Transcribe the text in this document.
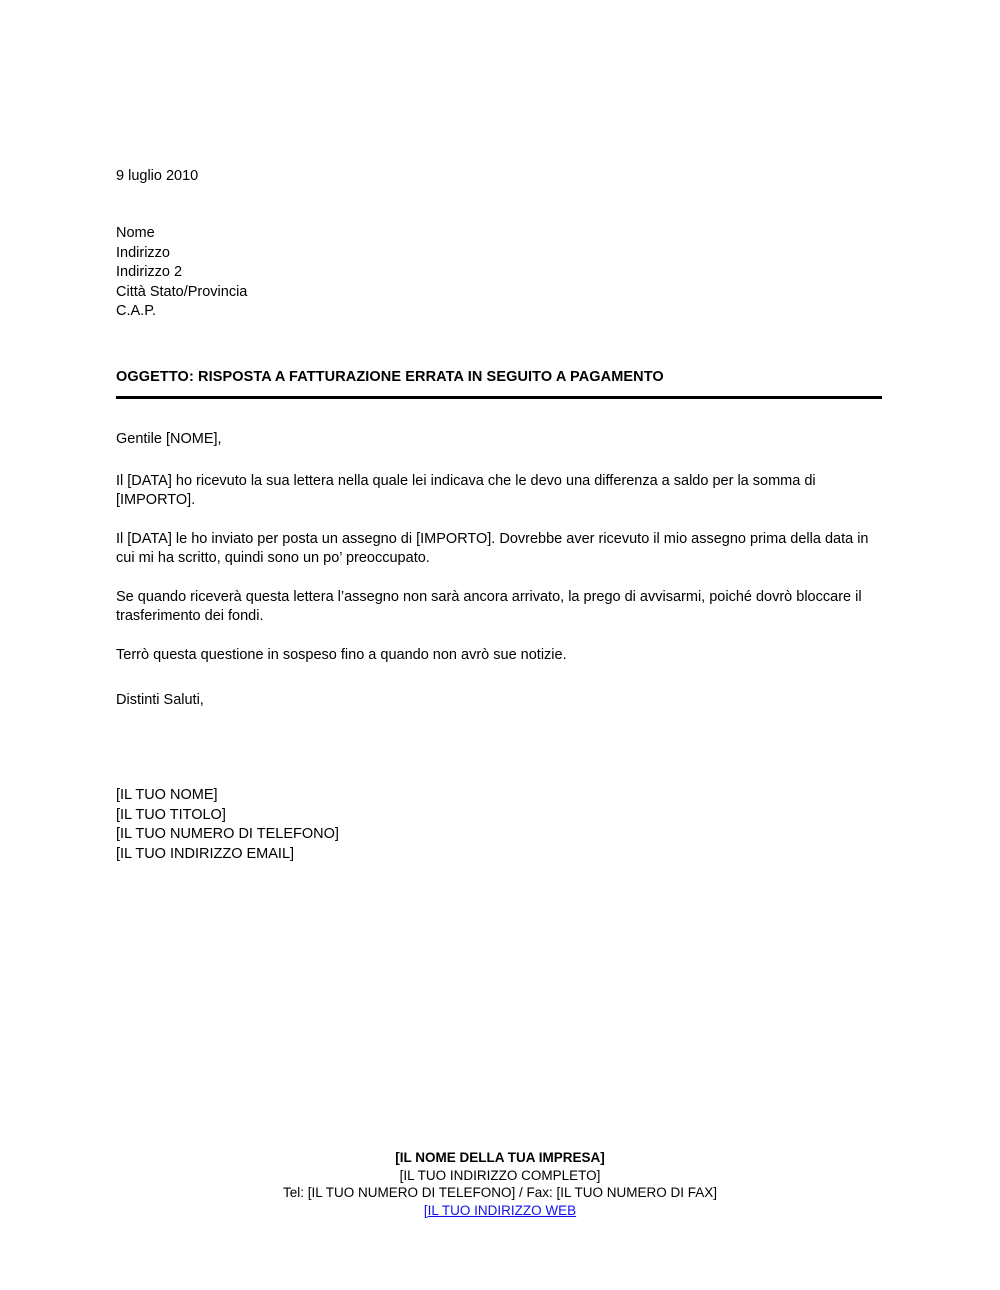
9 luglio 2010
Nome
Indirizzo
Indirizzo 2
Città Stato/Provincia
C.A.P.
OGGETTO: RISPOSTA A FATTURAZIONE ERRATA IN SEGUITO A PAGAMENTO

Gentile [NOME],

Il [DATA] ho ricevuto la sua lettera nella quale lei indicava che le devo una differenza a saldo per la somma di [IMPORTO].

Il [DATA] le ho inviato per posta un assegno di [IMPORTO]. Dovrebbe aver ricevuto il mio assegno prima della data in cui mi ha scritto, quindi sono un po’ preoccupato.

Se quando riceverà questa lettera l’assegno non sarà ancora arrivato, la prego di avvisarmi, poiché dovrò bloccare il trasferimento dei fondi.

Terrò questa questione in sospeso fino a quando non avrò sue notizie.

Distinti Saluti,
[IL TUO NOME]
[IL TUO TITOLO]
[IL TUO NUMERO DI TELEFONO]
[IL TUO INDIRIZZO EMAIL]
[IL NOME DELLA TUA IMPRESA]
[IL TUO INDIRIZZO COMPLETO]
Tel: [IL TUO NUMERO DI TELEFONO] / Fax: [IL TUO NUMERO DI FAX]
[IL TUO INDIRIZZO WEB
